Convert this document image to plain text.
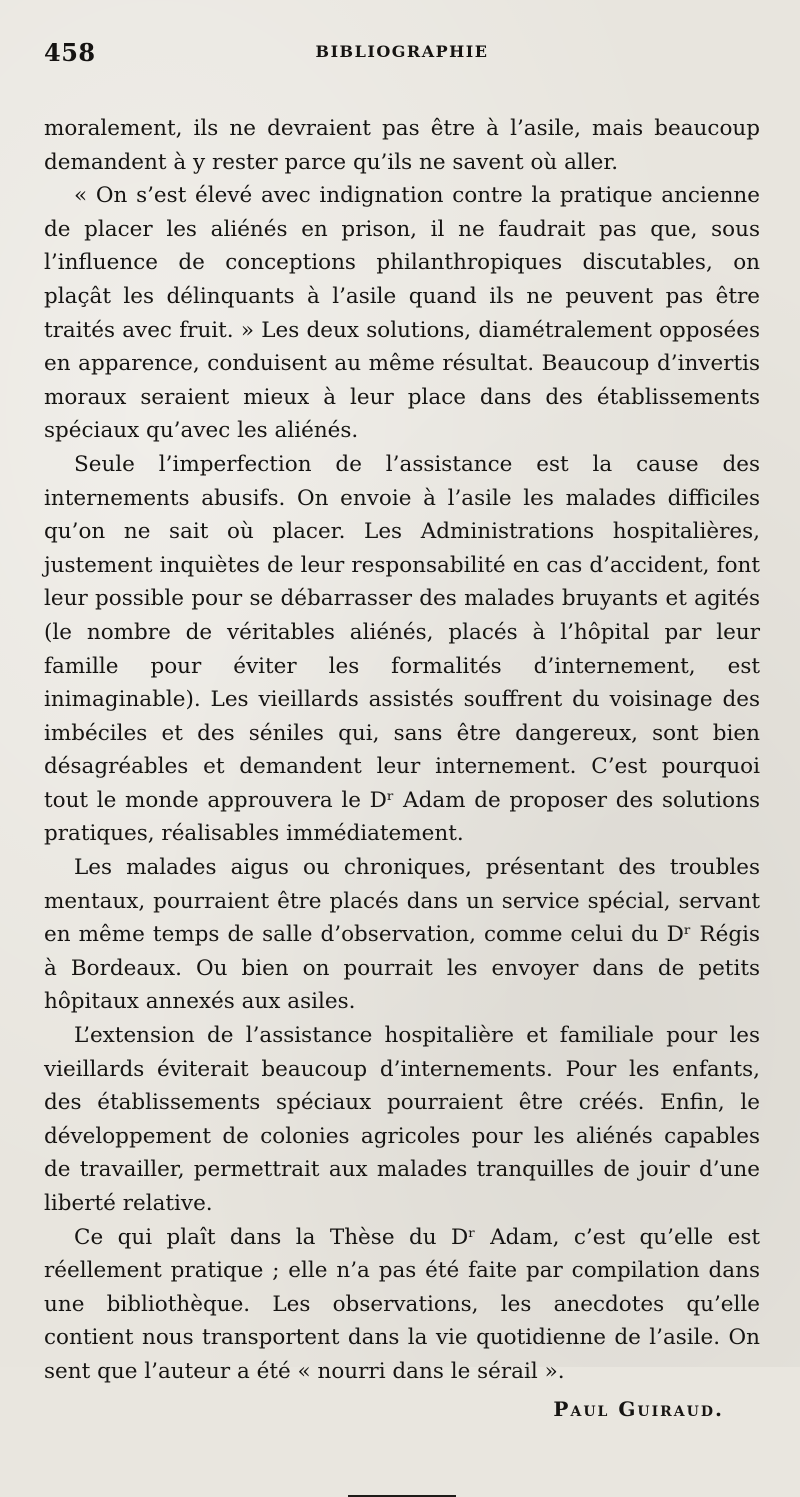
458	BIBLIOGRAPHIE

moralement, ils ne devraient pas être à l’asile, mais beaucoup demandent à y rester parce qu’ils ne savent où aller.

« On s’est élevé avec indignation contre la pratique ancienne de placer les aliénés en prison, il ne faudrait pas que, sous l’influence de conceptions philanthropiques discutables, on plaçât les délinquants à l’asile quand ils ne peuvent pas être traités avec fruit. » Les deux solutions, diamétralement opposées en apparence, conduisent au même résultat. Beaucoup d’invertis moraux seraient mieux à leur place dans des établissements spéciaux qu’avec les aliénés.

Seule l’imperfection de l’assistance est la cause des internements abusifs. On envoie à l’asile les malades difficiles qu’on ne sait où placer. Les Administrations hospitalières, justement inquiètes de leur responsabilité en cas d’accident, font leur possible pour se débarrasser des malades bruyants et agités (le nombre de véritables aliénés, placés à l’hôpital par leur famille pour éviter les formalités d’internement, est inimaginable). Les vieillards assistés souffrent du voisinage des imbéciles et des séniles qui, sans être dangereux, sont bien désagréables et demandent leur internement. C’est pourquoi tout le monde approuvera le Dʳ Adam de proposer des solutions pratiques, réalisables immédiatement.

Les malades aigus ou chroniques, présentant des troubles mentaux, pourraient être placés dans un service spécial, servant en même temps de salle d’observation, comme celui du Dʳ Régis à Bordeaux. Ou bien on pourrait les envoyer dans de petits hôpitaux annexés aux asiles.

L’extension de l’assistance hospitalière et familiale pour les vieillards éviterait beaucoup d’internements. Pour les enfants, des établissements spéciaux pourraient être créés. Enfin, le développement de colonies agricoles pour les aliénés capables de travailler, permettrait aux malades tranquilles de jouir d’une liberté relative.

Ce qui plaît dans la Thèse du Dʳ Adam, c’est qu’elle est réellement pratique ; elle n’a pas été faite par compilation dans une bibliothèque. Les observations, les anecdotes qu’elle contient nous transportent dans la vie quotidienne de l’asile. On sent que l’auteur a été « nourri dans le sérail ».

Paul Guiraud.
